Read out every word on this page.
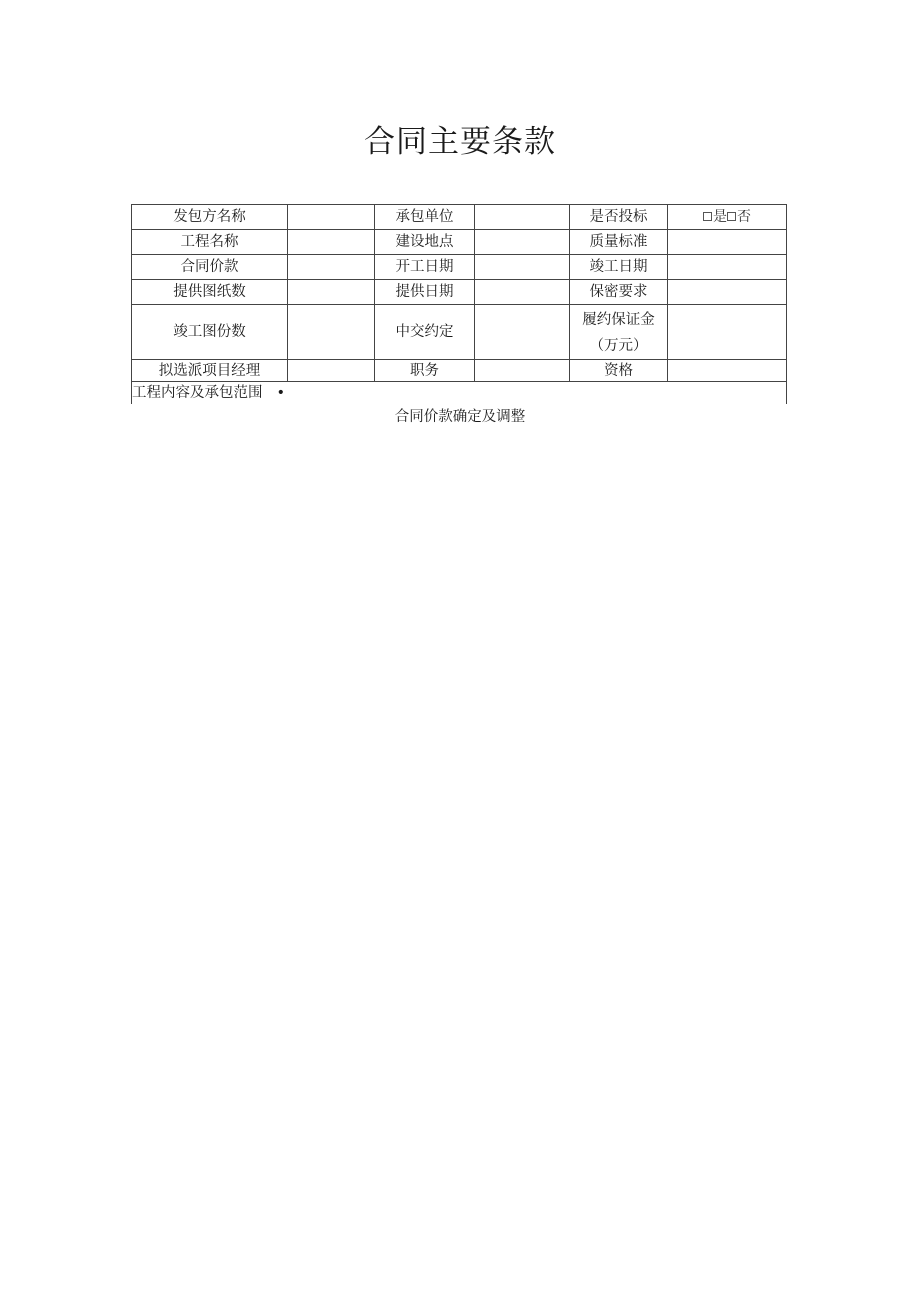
合同主要条款
发包方名称		承包单位		是否投标	是 否
工程名称		建设地点		质量标准	
合同价款		开工日期		竣工日期	
提供图纸数		提供日期		保密要求	
竣工图份数		中交约定		履约保证金
（万元）	

拟选派项目经理		职务		资格	
工程内容及承包范围 •					
合同价款确定及调整
